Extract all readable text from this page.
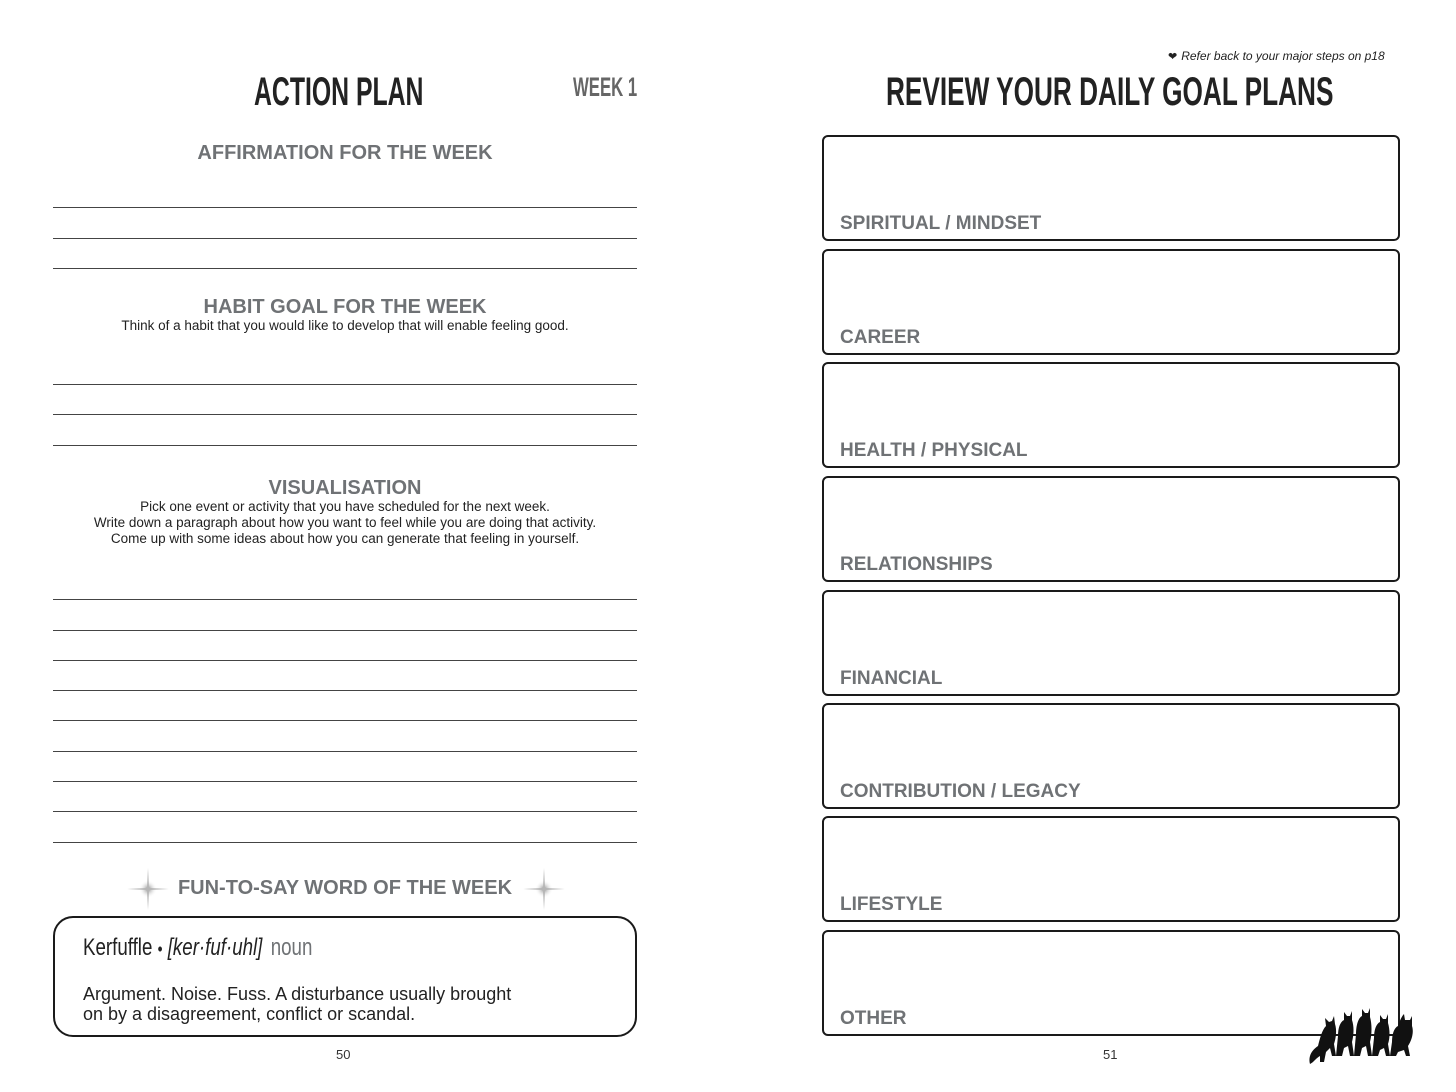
ACTION PLAN	WEEK 1
AFFIRMATION FOR THE WEEK
HABIT GOAL FOR THE WEEK
Think of a habit that you would like to develop that will enable feeling good.
VISUALISATION
Pick one event or activity that you have scheduled for the next week.
Write down a paragraph about how you want to feel while you are doing that activity.
Come up with some ideas about how you can generate that feeling in yourself.
FUN-TO-SAY WORD OF THE WEEK
Kerfuffle • [ker·fuf·uhl] noun
Argument. Noise. Fuss. A disturbance usually brought
on by a disagreement, conflict or scandal.
50
❤ Refer back to your major steps on p18
REVIEW YOUR DAILY GOAL PLANS
SPIRITUAL / MINDSET
CAREER
HEALTH / PHYSICAL
RELATIONSHIPS
FINANCIAL
CONTRIBUTION / LEGACY
LIFESTYLE
OTHER
51
